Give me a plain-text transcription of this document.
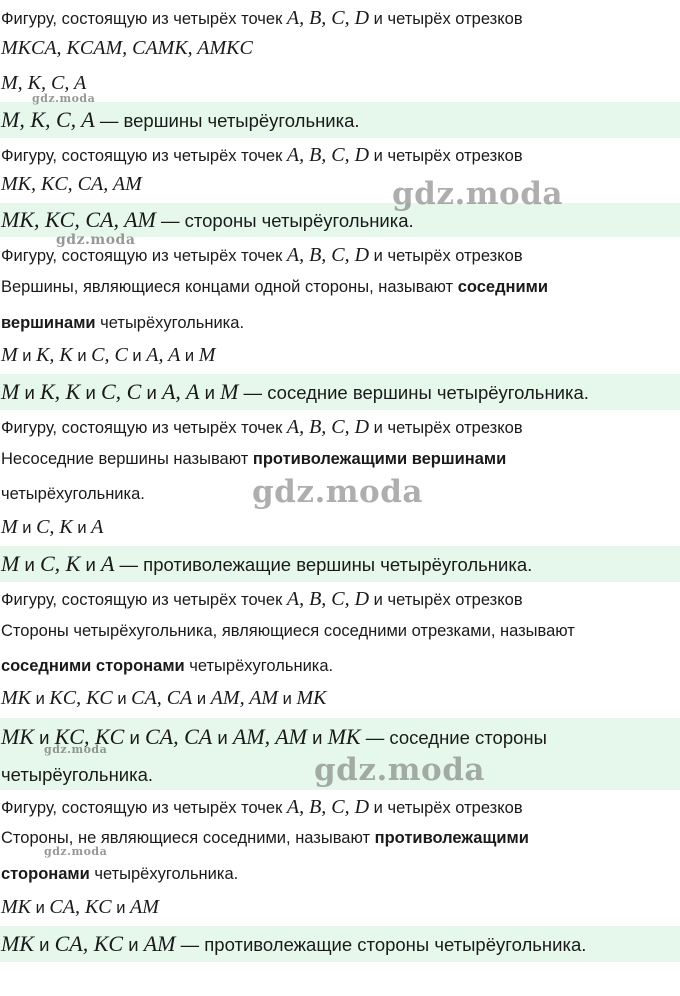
Фигуру, состоящую из четырёх точек A, B, C, D и четырёх отрезков
MKCA, KCAM, CAMK, AMKC
M, K, C, A
M, K, C, A — вершины четырёугольника.
Фигуру, состоящую из четырёх точек A, B, C, D и четырёх отрезков
MK, KC, CA, AM
MK, KC, CA, AM — стороны четырёугольника.
Фигуру, состоящую из четырёх точек A, B, C, D и четырёх отрезков
Вершины, являющиеся концами одной стороны, называют соседними
вершинами четырёхугольника.
M и K, K и C, C и A, A и M
M и K, K и C, C и A, A и M — соседние вершины четырёугольника.
Фигуру, состоящую из четырёх точек A, B, C, D и четырёх отрезков
Несоседние вершины называют противолежащими вершинами
четырёхугольника.
M и C, K и A
M и C, K и A — противолежащие вершины четырёугольника.
Фигуру, состоящую из четырёх точек A, B, C, D и четырёх отрезков
Стороны четырёхугольника, являющиеся соседними отрезками, называют
соседними сторонами четырёхугольника.
MK и KC, KC и CA, CA и AM, AM и MK
MK и KC, KC и CA, CA и AM, AM и MK — соседние стороны
четырёугольника.
Фигуру, состоящую из четырёх точек A, B, C, D и четырёх отрезков
Стороны, не являющиеся соседними, называют противолежащими
сторонами четырёхугольника.
MK и CA, KC и AM
MK и CA, KC и AM — противолежащие стороны четырёугольника.
gdz.moda
gdz.moda
gdz.moda
gdz.moda
gdz.moda
gdz.moda
gdz.moda
